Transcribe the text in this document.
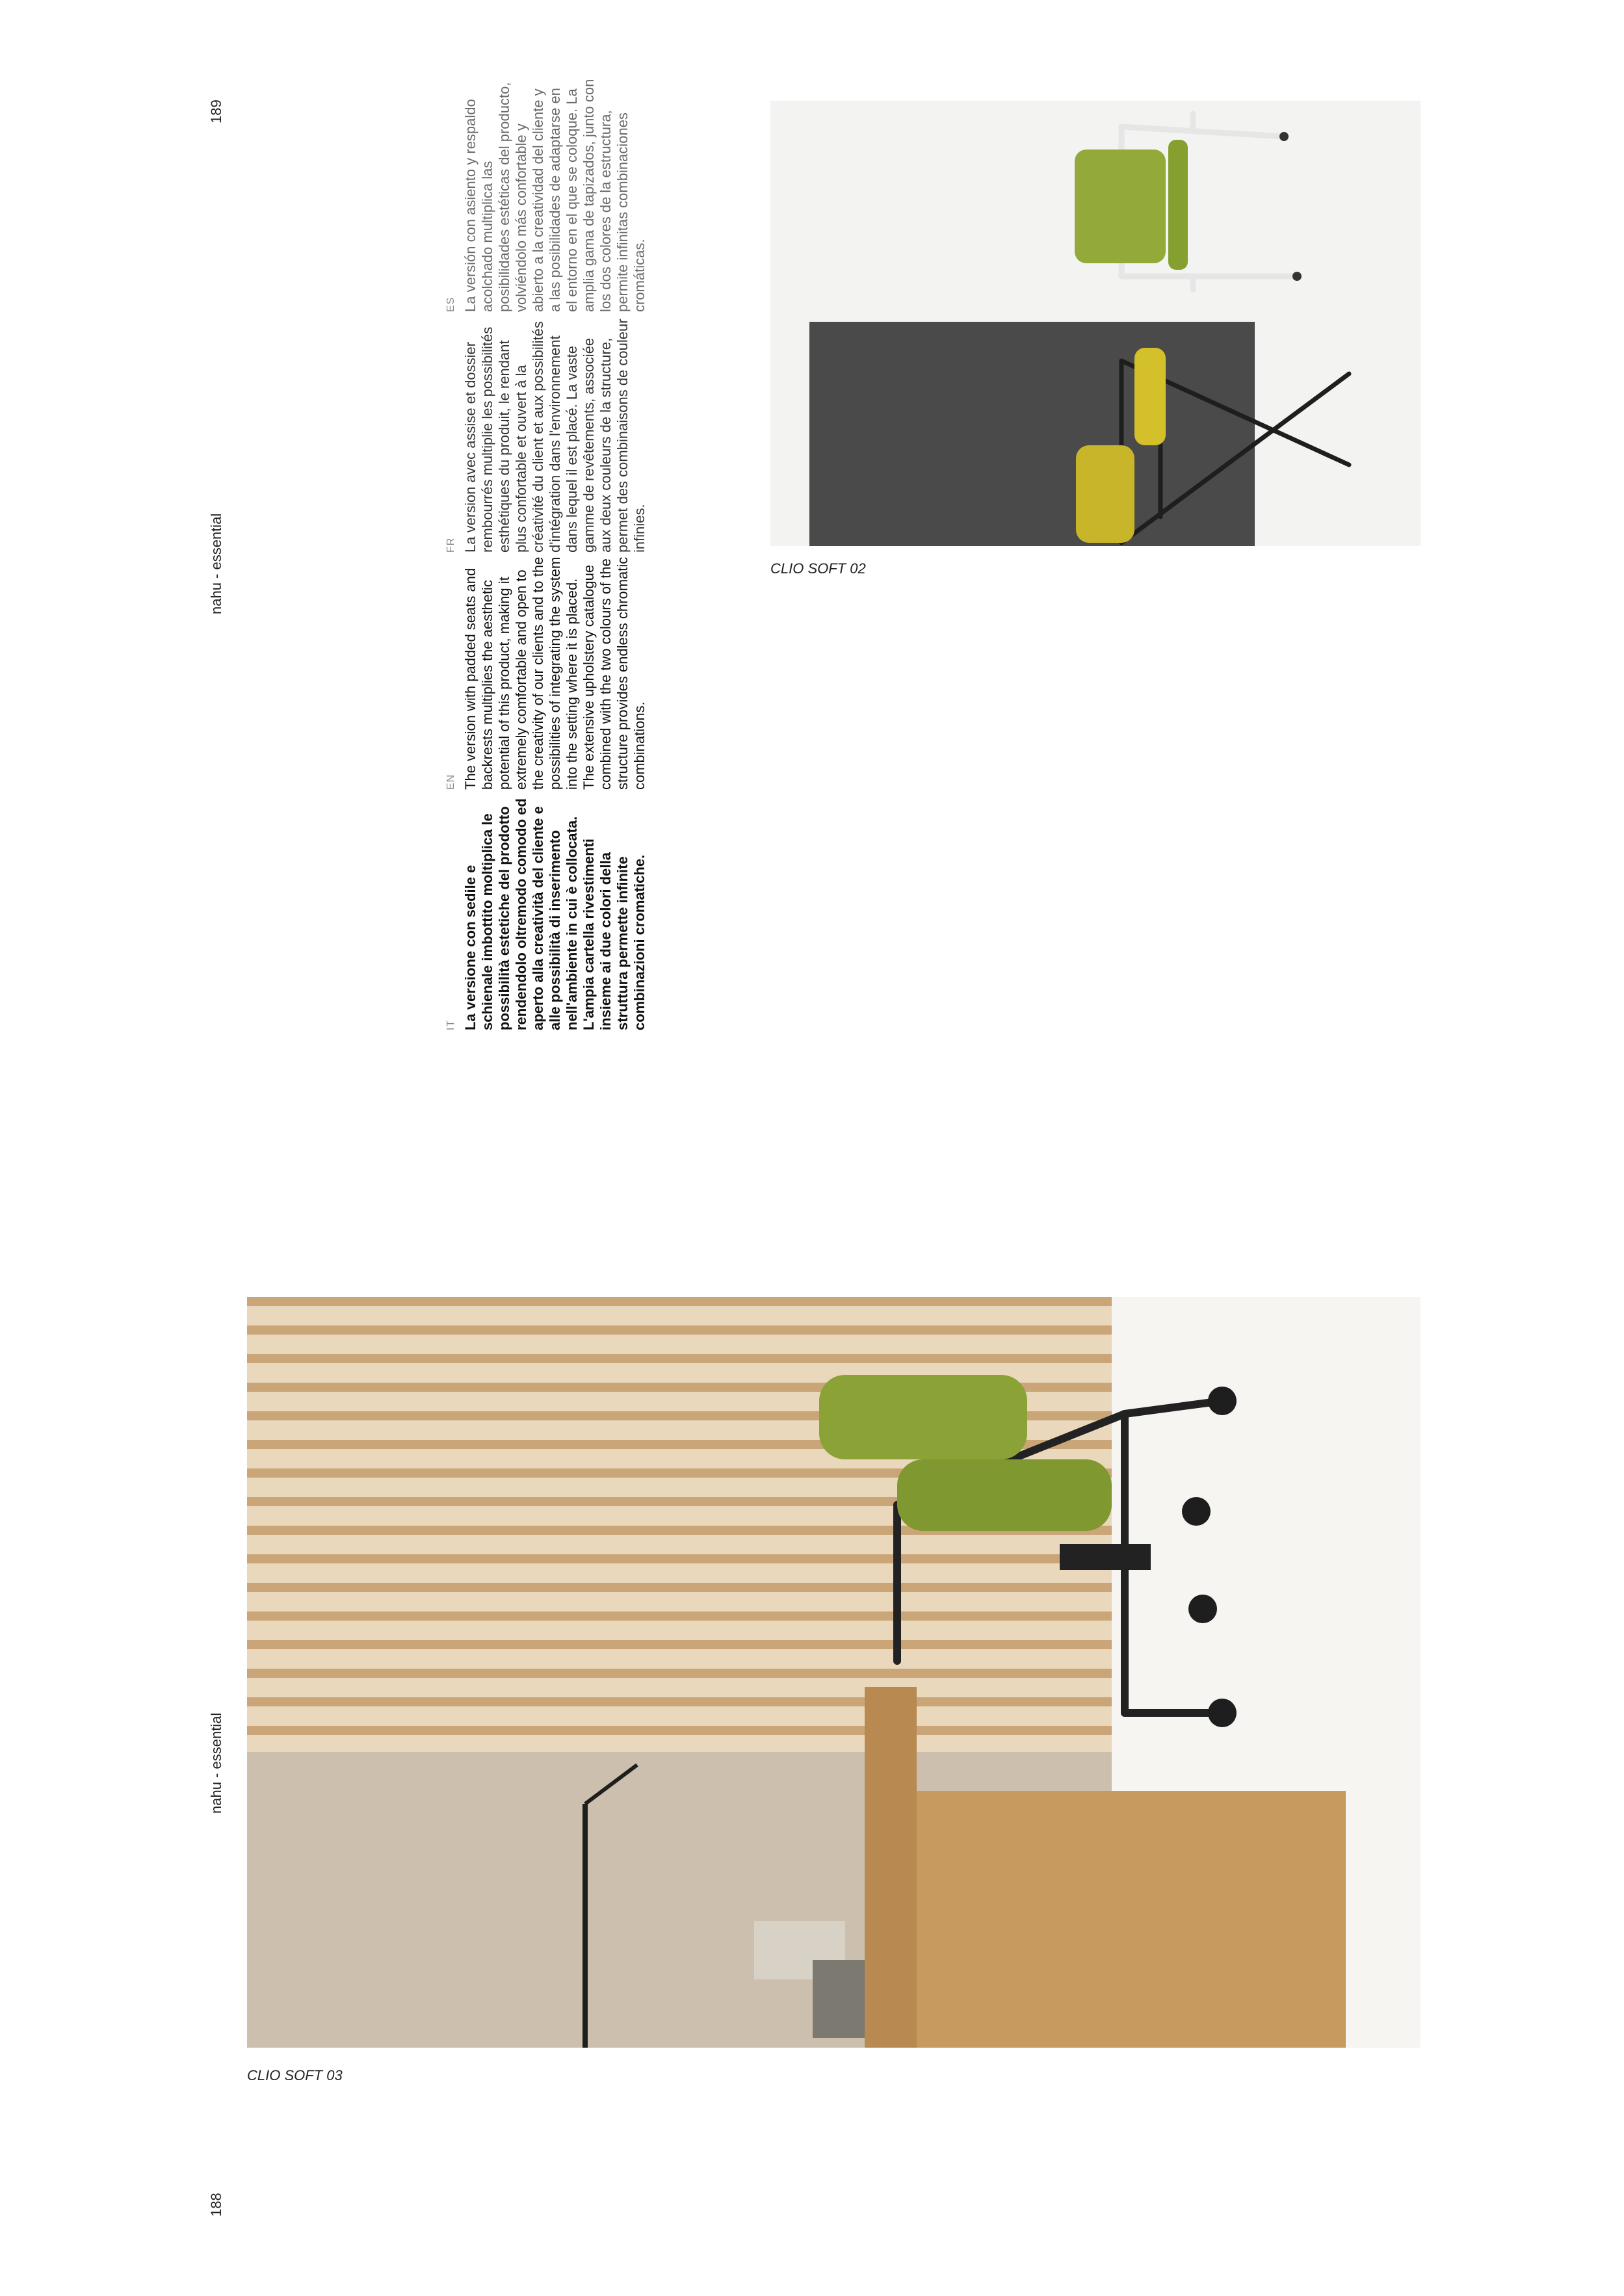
189
nahu - essential
nahu - essential
188
ES La versión con asiento y respaldo acolchado multiplica las posibilidades estéticas del producto, volviéndolo más confortable y abierto a la creatividad del cliente y a las posibilidades de adaptarse en el entorno en el que se coloque. La amplia gama de tapizados, junto con los dos colores de la estructura, permite infinitas combinaciones cromáticas.
FR La version avec assise et dossier rembourrés multiplie les possibilités esthétiques du produit, le rendant plus confortable et ouvert à la créativité du client et aux possibilités d'intégration dans l'environnement dans lequel il est placé. La vaste gamme de revêtements, associée aux deux couleurs de la structure, permet des combinaisons de couleur infinies.
EN The version with padded seats and backrests multiplies the aesthetic potential of this product, making it extremely comfortable and open to the creativity of our clients and to the possibilities of integrating the system into the setting where it is placed. The extensive upholstery catalogue combined with the two colours of the structure provides endless chromatic combinations.
IT La versione con sedile e schienale imbottito moltiplica le possibilità estetiche del prodotto rendendolo oltremodo comodo ed aperto alla creatività del cliente e alle possibilità di inserimento nell'ambiente in cui è collocata. L'ampia cartella rivestimenti insieme ai due colori della struttura permette infinite combinazioni cromatiche.
CLIO SOFT 02
CLIO SOFT 03
